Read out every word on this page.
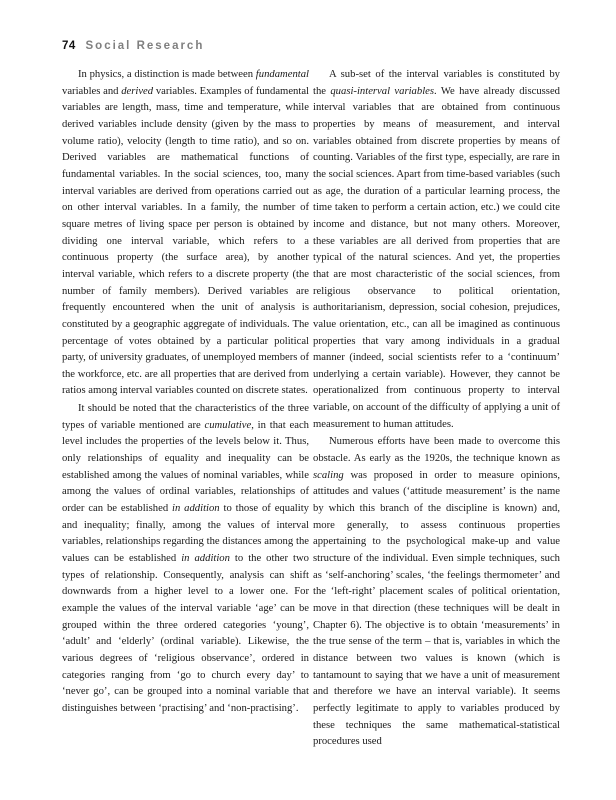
74 Social Research

In physics, a distinction is made between fundamental variables and derived variables. Examples of fundamental variables are length, mass, time and temperature, while derived variables include density (given by the mass to volume ratio), velocity (length to time ratio), and so on. Derived variables are mathematical functions of fundamental variables. In the social sciences, too, many interval variables are derived from operations carried out on other interval variables. In a family, the number of square metres of living space per person is obtained by dividing one interval variable, which refers to a continuous property (the surface area), by another interval variable, which refers to a discrete property (the number of family members). Derived variables are frequently encountered when the unit of analysis is constituted by a geographic aggregate of individuals. The percentage of votes obtained by a particular political party, of university graduates, of unemployed members of the workforce, etc. are all properties that are derived from ratios among interval variables counted on discrete states.

It should be noted that the characteristics of the three types of variable mentioned are cumulative, in that each level includes the properties of the levels below it. Thus, only relationships of equality and inequality can be established among the values of nominal variables, while among the values of ordinal variables, relationships of order can be established in addition to those of equality and inequality; finally, among the values of interval variables, relationships regarding the distances among the values can be established in addition to the other two types of relationship. Consequently, analysis can shift downwards from a higher level to a lower one. For example the values of the interval variable ‘age’ can be grouped within the three ordered categories ‘young’, ‘adult’ and ‘elderly’ (ordinal variable). Likewise, the various degrees of ‘religious observance’, ordered in categories ranging from ‘go to church every day’ to ‘never go’, can be grouped into a nominal variable that distinguishes between ‘practising’ and ‘non-practising’.

A sub-set of the interval variables is constituted by the quasi-interval variables. We have already discussed interval variables that are obtained from continuous properties by means of measurement, and interval variables obtained from discrete properties by means of counting. Variables of the first type, especially, are rare in the social sciences. Apart from time-based variables (such as age, the duration of a particular learning process, the time taken to perform a certain action, etc.) we could cite income and distance, but not many others. Moreover, these variables are all derived from properties that are typical of the natural sciences. And yet, the properties that are most characteristic of the social sciences, from religious observance to political orientation, authoritarianism, depression, social cohesion, prejudices, value orientation, etc., can all be imagined as continuous properties that vary among individuals in a gradual manner (indeed, social scientists refer to a ‘continuum’ underlying a certain variable). However, they cannot be operationalized from continuous property to interval variable, on account of the difficulty of applying a unit of measurement to human attitudes.

Numerous efforts have been made to overcome this obstacle. As early as the 1920s, the technique known as scaling was proposed in order to measure opinions, attitudes and values (‘attitude measurement’ is the name by which this branch of the discipline is known) and, more generally, to assess continuous properties appertaining to the psychological make-up and value structure of the individual. Even simple techniques, such as ‘self-anchoring’ scales, ‘the feelings thermometer’ and the ‘left-right’ placement scales of political orientation, move in that direction (these techniques will be dealt in Chapter 6). The objective is to obtain ‘measurements’ in the true sense of the term – that is, variables in which the distance between two values is known (which is tantamount to saying that we have a unit of measurement and therefore we have an interval variable). It seems perfectly legitimate to apply to variables produced by these techniques the same mathematical-statistical procedures used
